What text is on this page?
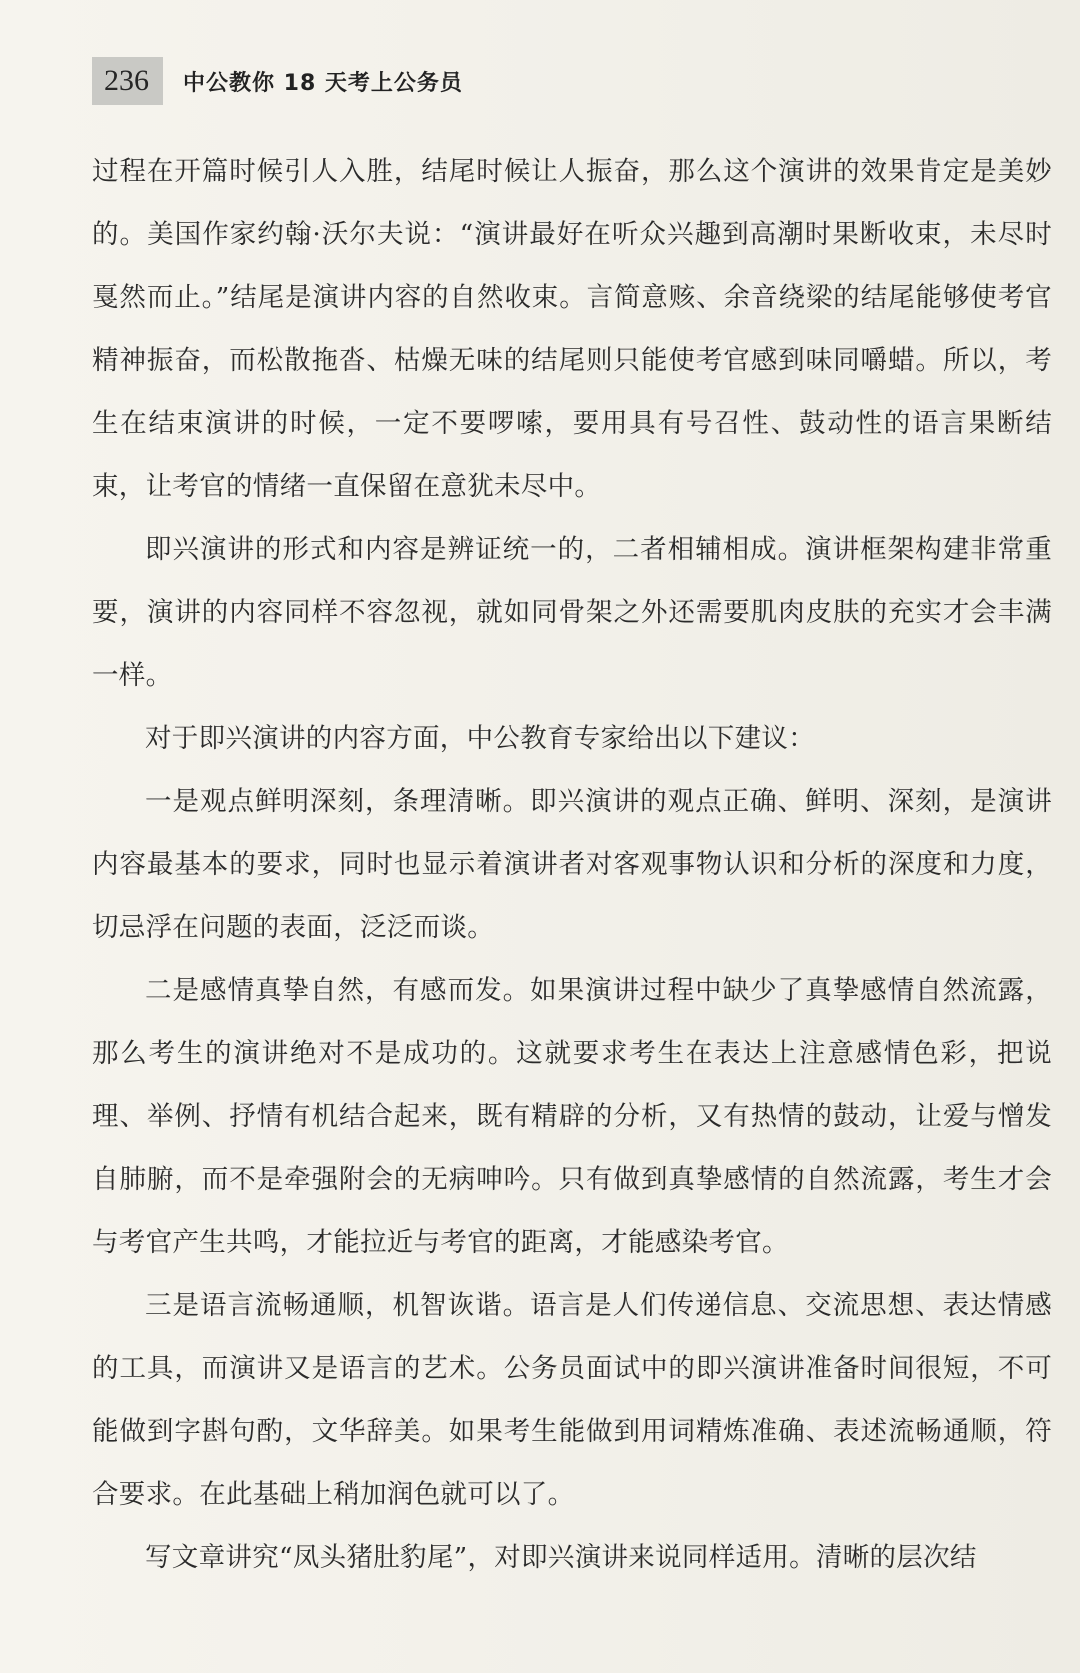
236	中公教你 18 天考上公务员

过程在开篇时候引人入胜，结尾时候让人振奋，那么这个演讲的效果肯定是美妙的。美国作家约翰·沃尔夫说：“演讲最好在听众兴趣到高潮时果断收束，未尽时戛然而止。”结尾是演讲内容的自然收束。言简意赅、余音绕梁的结尾能够使考官精神振奋，而松散拖沓、枯燥无味的结尾则只能使考官感到味同嚼蜡。所以，考生在结束演讲的时候，一定不要啰嗦，要用具有号召性、鼓动性的语言果断结束，让考官的情绪一直保留在意犹未尽中。

即兴演讲的形式和内容是辨证统一的，二者相辅相成。演讲框架构建非常重要，演讲的内容同样不容忽视，就如同骨架之外还需要肌肉皮肤的充实才会丰满一样。

对于即兴演讲的内容方面，中公教育专家给出以下建议：

一是观点鲜明深刻，条理清晰。即兴演讲的观点正确、鲜明、深刻，是演讲内容最基本的要求，同时也显示着演讲者对客观事物认识和分析的深度和力度，切忌浮在问题的表面，泛泛而谈。

二是感情真挚自然，有感而发。如果演讲过程中缺少了真挚感情自然流露，那么考生的演讲绝对不是成功的。这就要求考生在表达上注意感情色彩，把说理、举例、抒情有机结合起来，既有精辟的分析，又有热情的鼓动，让爱与憎发自肺腑，而不是牵强附会的无病呻吟。只有做到真挚感情的自然流露，考生才会与考官产生共鸣，才能拉近与考官的距离，才能感染考官。

三是语言流畅通顺，机智诙谐。语言是人们传递信息、交流思想、表达情感的工具，而演讲又是语言的艺术。公务员面试中的即兴演讲准备时间很短，不可能做到字斟句酌，文华辞美。如果考生能做到用词精炼准确、表述流畅通顺，符合要求。在此基础上稍加润色就可以了。

写文章讲究“凤头猪肚豹尾”，对即兴演讲来说同样适用。清晰的层次结
